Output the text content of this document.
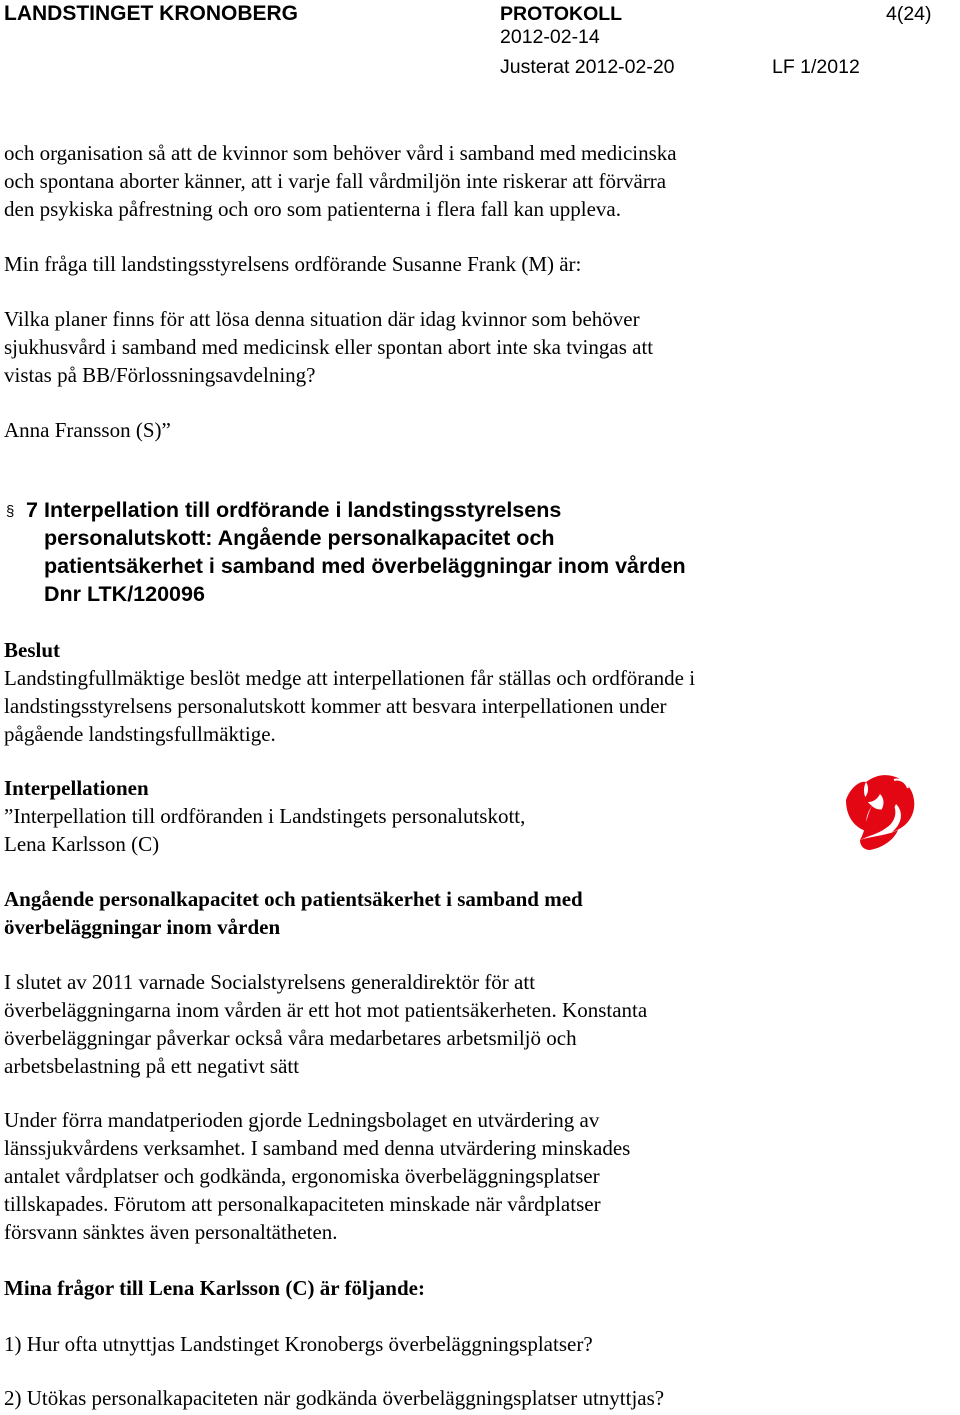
LANDSTINGET KRONOBERG	PROTOKOLL	4(24)
2012-02-14
Justerat 2012-02-20	LF 1/2012
och organisation så att de kvinnor som behöver vård i samband med medicinska
och spontana aborter känner, att i varje fall vårdmiljön inte riskerar att förvärra
den psykiska påfrestning och oro som patienterna i flera fall kan uppleva.
Min fråga till landstingsstyrelsens ordförande Susanne Frank (M) är:
Vilka planer finns för att lösa denna situation där idag kvinnor som behöver
sjukhusvård i samband med medicinsk eller spontan abort inte ska tvingas att
vistas på BB/Förlossningsavdelning?
Anna Fransson (S)”
§ 7 Interpellation till ordförande i landstingsstyrelsens
personalutskott: Angående personalkapacitet och
patientsäkerhet i samband med överbeläggningar inom vården
Dnr LTK/120096
Beslut
Landstingfullmäktige beslöt medge att interpellationen får ställas och ordförande i
landstingsstyrelsens personalutskott kommer att besvara interpellationen under
pågående landstingsfullmäktige.
Interpellationen
”Interpellation till ordföranden i Landstingets personalutskott,
Lena Karlsson (C)
Angående personalkapacitet och patientsäkerhet i samband med
överbeläggningar inom vården
I slutet av 2011 varnade Socialstyrelsens generaldirektör för att
överbeläggningarna inom vården är ett hot mot patientsäkerheten. Konstanta
överbeläggningar påverkar också våra medarbetares arbetsmiljö och
arbetsbelastning på ett negativt sätt
Under förra mandatperioden gjorde Ledningsbolaget en utvärdering av
länssjukvårdens verksamhet. I samband med denna utvärdering minskades
antalet vårdplatser och godkända, ergonomiska överbeläggningsplatser
tillskapades. Förutom att personalkapaciteten minskade när vårdplatser
försvann sänktes även personaltätheten.
Mina frågor till Lena Karlsson (C) är följande:
1) Hur ofta utnyttjas Landstinget Kronobergs överbeläggningsplatser?
2) Utökas personalkapaciteten när godkända överbeläggningsplatser utnyttjas?
